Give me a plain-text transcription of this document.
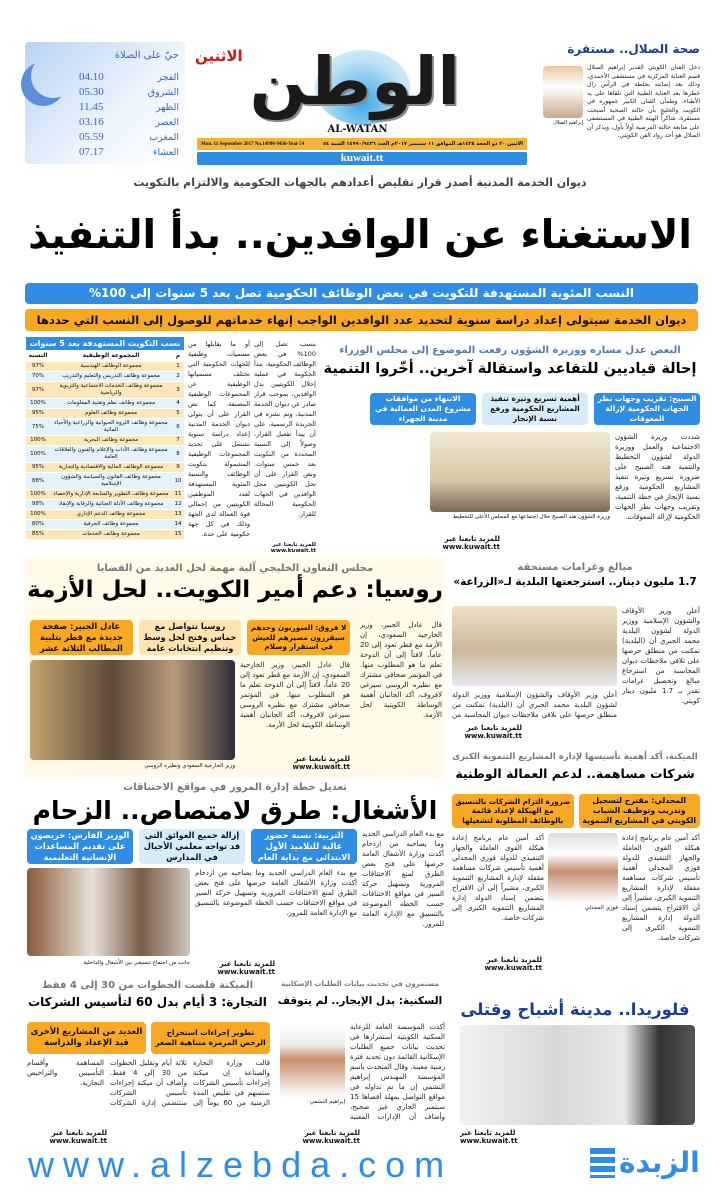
حيّ على الصلاة
الفجر
04.10
الشروق
05.30
الظهر
11.45
العصر
03.16
المغرب
05.59
العشاء
07.17
الاثنين الوطن
AL-WATAN
الاثنين ٢٠ ذو الحجة ١٤٣٨هـ الموافق ١١ سبتمبر ٢٠١٧م العدد ١٤٩٩٠/٩٤٣٦ السنة ٥٤
Mon. 11 September 2017 No.14990-9436-Year 54
kuwait.tt
صحة الصلال.. مستقرة
إبراهيم الصلال
دخل الفنان الكويتي القدير إبراهيم الصلال قسم العناية المركزية في مستشفى الأحمدي، وذلك بعد إصابته بجلطة في الرأس زال خطرها بعد العناية الطبية التي تلقاها على يد الأطباء. وطمأن الفنان الكبير جمهوره في الكويت والخليج بأن حالته الصحية أصبحت مستقرة، شاكراً الهيئة الطبية في المستشفى على متابعة حالته المرضية أولاً بأول، ويذكر أن الصلال هو أحد رواد الفن الكويتي.
ديوان الخدمة المدنية أصدر قرار تقليص أعدادهم بالجهات الحكومية والالتزام بالتكويت
الاستغناء عن الوافدين.. بدأ التنفيذ
النسب المئوية المستهدفة للتكويت في بعض الوظائف الحكومية تصل بعد 5 سنوات إلى 100%
ديوان الخدمة سيتولى إعداد دراسة سنوية لتحديد عدد الوافدين الواجب إنهاء خدماتهم للوصول إلى النسب التي حددها
نسب التكويت المستهدفة بعد 5 سنوات
م	المجموعة الوظيفية	النسبة
1	مجموعة الوظائف الهندسية	97%
2	مجموعة وظائف التدريس والتعليم والتدريب	70%
3	مجموعة وظائف الخدمات الاجتماعية والتربوية والرياضية	97%
4	مجموعة وظائف نظم وتقنية المعلومات	100%
5	مجموعة وظائف العلوم	95%
6	مجموعة وظائف الثروة الحيوانية والزراعية والأحياء المائية	75%
7	مجموعة وظائف البحرية	100%
8	مجموعة وظائف الآداب والإعلام والفنون والعلاقات العامة	100%
9	مجموعة الوظائف المالية والاقتصادية والتجارية	95%
10	مجموعة وظائف القانون والسياسة والشؤون الإسلامية	88%
11	مجموعة وظائف التطوير والمتابعة الإدارية والإحصاء	100%
12	مجموعة وظائف الأدلة الجنائية والرقابة والإنقاذ	98%
13	مجموعة وظائف الدعم الإداري	100%
14	مجموعة وظائف الحرفية	80%
15	مجموعة وظائف الخدمات	85%
أو ما يقابلها من مسميات وظيفية للجهات الحكومية التي تختلف مسمياتها الوظيفية عن المجموعات الوظيفية المصنفة. كما نص القرار على أن يتولى ديوان الخدمة المدنية إعداد دراسة سنوية تشتمل على تحديد المجموعات الوظيفية المشمولة بتكويت الوظائف والنسبة المئوية المستهدفة لعدد الموظفين الكويتيين من إجمالي قوة العمالة لدى الجهة وذلك في كل جهة حكومية على حدة.
بنسب تصل إلى 100% في بعض الوظائف الحكومية، تبدأ الحكومة في عملية إحلال الكويتيين بدل الوافدين، بموجب قرار صادر عن ديوان الخدمة المدنية، وتم نشره في الجريدة الرسمية، على أن يبدأ تفعيل القرار، وصولاً إلى النسبة المحددة من التكويت بعد خمس سنوات. ونص القرار على أن تحل الكويتيين محل الوافدين في الجهات الحكومية المحالة للقرار.
للمزيد تابعنا عبر www.kuwait.tt
البعض عدل مساره ووزيرة الشؤون رفعت الموضوع إلى مجلس الوزراء
إحالة قياديين للتقاعد واستقالة آخرين.. أخّروا التنمية
الصبيح: تقريب وجهات نظر الجهات الحكومية لإزالة المعوقات
أهمية تسريع وتيرة تنفيذ المشاريع الحكومية ورفع نسبة الإنجاز
الانتهاء من موافقات مشروع المدن العمالية في مدينة الجهراء
شددت وزيرة الشؤون الاجتماعية والعمل ووزيرة الدولة لشؤون التخطيط والتنمية هند الصبيح على ضرورة تسريع وتيرة تنفيذ المشاريع الحكومية ورفع نسبة الإنجاز في خطة التنمية، وتقريب وجهات نظر الجهات الحكومية لإزالة المعوقات.
وزيرة الشؤون هند الصبيح خلال اجتماعها مع المجلس الأعلى للتخطيط
للمزيد تابعنا عبر www.kuwait.tt
مجلس التعاون الخليجي آلية مهمة لحل العديد من القضايا
روسيا: دعم أمير الكويت.. لحل الأزمة
لا فروق: السوريون وحدهم سيقررون مصيرهم للعيش في استقرار وسلام
روسيا تتواصل مع حماس وفتح لحل وسط وتنظيم انتخابات عامة
عادل الجبير: صفحة جديدة مع قطر بتلبية المطالب الثلاثة عشر
قال عادل الجبير، وزير الخارجية السعودي، إن الأزمة مع قطر تعود إلى 20 عاماً، لافتاً إلى أن الدوحة تعلم ما هو المطلوب منها. في المؤتمر صحافي مشترك مع نظيره الروسي سيرغي لافروف، أكد الجانبان أهمية الوساطة الكويتية لحل الأزمة.
قال عادل الجبير، وزير الخارجية السعودي، إن الأزمة مع قطر تعود إلى 20 عاماً، لافتاً إلى أن الدوحة تعلم ما هو المطلوب منها. في المؤتمر صحافي مشترك مع نظيره الروسي سيرغي لافروف، أكد الجانبان أهمية الوساطة الكويتية لحل الأزمة.
للمزيد تابعنا عبر www.kuwait.tt
وزير الخارجية السعودي ونظيره الروسي
مبالغ وغرامات مستحقة
1.7 مليون دينار.. استرجعتها البلدية لـ«الزراعة»
أعلن وزير الأوقاف والشؤون الإسلامية ووزير الدولة لشؤون البلدية محمد الجبري أن (البلدية) تمكنت من منطلق حرصها على تلافي ملاحظات ديوان المحاسبة من استرجاع مبالغ وتحصيل غرامات تقدر بـ 1.7 مليون دينار كويتي.
أعلن وزير الأوقاف والشؤون الإسلامية ووزير الدولة لشؤون البلدية محمد الجبري أن (البلدية) تمكنت من منطلق حرصها على تلافي ملاحظات ديوان المحاسبة من
للمزيد تابعنا عبر www.kuwait.tt
الميكنة، أكد أهمية تأسيسها لإدارة المشاريع التنموية الكبرى
شركات مساهمة.. لدعم العمالة الوطنية
المجدلي: مقترح لتسجيل وتدريب وتوظيف الشباب الكويتي في المشاريع التنموية
ضرورة التزام الشركات بالتنسيق مع الهيكلة لإعداد قائمة بالوظائف المطلوبة لتشغيلها
أكد أمين عام برنامج إعادة هيكلة القوى العاملة والجهاز التنفيذي للدولة فوزي المجدلي أهمية تأسيس شركات مساهمة مقفلة لإدارة المشاريع التنموية الكبرى، مشيراً إلى أن الاقتراح يتضمن إسناد الدولة إدارة المشاريع التنموية الكبرى إلى شركات خاصة.
فوزي المجدلي
أكد أمين عام برنامج إعادة هيكلة القوى العاملة والجهاز التنفيذي للدولة فوزي المجدلي أهمية تأسيس شركات مساهمة مقفلة لإدارة المشاريع التنموية الكبرى، مشيراً إلى أن الاقتراح يتضمن إسناد الدولة إدارة المشاريع التنموية الكبرى إلى شركات خاصة.
للمزيد تابعنا عبر www.kuwait.tt
تعديل خطة إدارة المرور في مواقع الاختناقات
الأشغال: طرق لامتصاص.. الزحام
التربية: نسبة حضور عالية للتلاميذ الأول الابتدائي مع بداية العام
إزالة جميع العوائق التي قد تواجه معلمي الأجيال في المدارس
الوزير الفارس: حريصون على تقديم المساعدات الإنسانية التعليمية
مع بدء العام الدراسي الجديد وما يصاحبه من ازدحام أكدت وزارة الأشغال العامة حرصها على فتح بعض الطرق لمنع الاختناقات المرورية وتسهيل حركة السير في مواقع الاختناقات حسب الخطة الموضوعة بالتنسيق مع الإدارة العامة للمرور.
مع بدء العام الدراسي الجديد وما يصاحبه من ازدحام أكدت وزارة الأشغال العامة حرصها على فتح بعض الطرق لمنع الاختناقات المرورية وتسهيل حركة السير في مواقع الاختناقات حسب الخطة الموضوعة بالتنسيق مع الإدارة العامة للمرور.
جانب من اجتماع تنسيقي بين الأشغال والداخلية	للمزيد تابعنا عبر www.kuwait.tt
الميكنة قلصت الخطوات من 30 إلى 4 فقط
التجارة: 3 أيام بدل 60 لتأسيس الشركات
تطوير إجراءات استخراج الرخص المرمزة متناهية الصغر
العديد من المشاريع الأخرى قيد الإعداد والدراسة
قالت وزارة التجارة والصناعة إن ميكنة إجراءات تأسيس الشركات ستسهم في تقليص المدة الزمنية من 60 يوماً إلى ثلاثة أيام وتقليل الخطوات من 30 إلى 4 فقط. وأضاف أن ميكنة إجراءات تأسيس الشركات ستتضمن إدارة الشركات المساهمة وأقسام التأسيس والتراخيص التجارية.
للمزيد تابعنا عبر www.kuwait.tt
مستمرون في تحديث بيانات الطلبات الإسكانية
السكنية: بدل الإيجار.. لم يتوقف
إبراهيم النشمي
أكدت المؤسسة العامة للرعاية السكنية الكويتية استمرارها في تحديث بيانات جميع الطلبات الإسكانية القائمة دون تحديد فترة زمنية معينة. وقال المتحدث باسم المؤسسة المهندس إبراهيم النشمي إن ما تم تداوله في مواقع التواصل بمهلة أقصاها 15 سبتمبر الجاري غير صحيح، وأضاف أن الإدارات المعنية
للمزيد تابعنا عبر www.kuwait.tt
فلوريدا.. مدينة أشباح وقتلى
للمزيد تابعنا عبر www.kuwait.tt
www.alzebda.com	الزبدة
